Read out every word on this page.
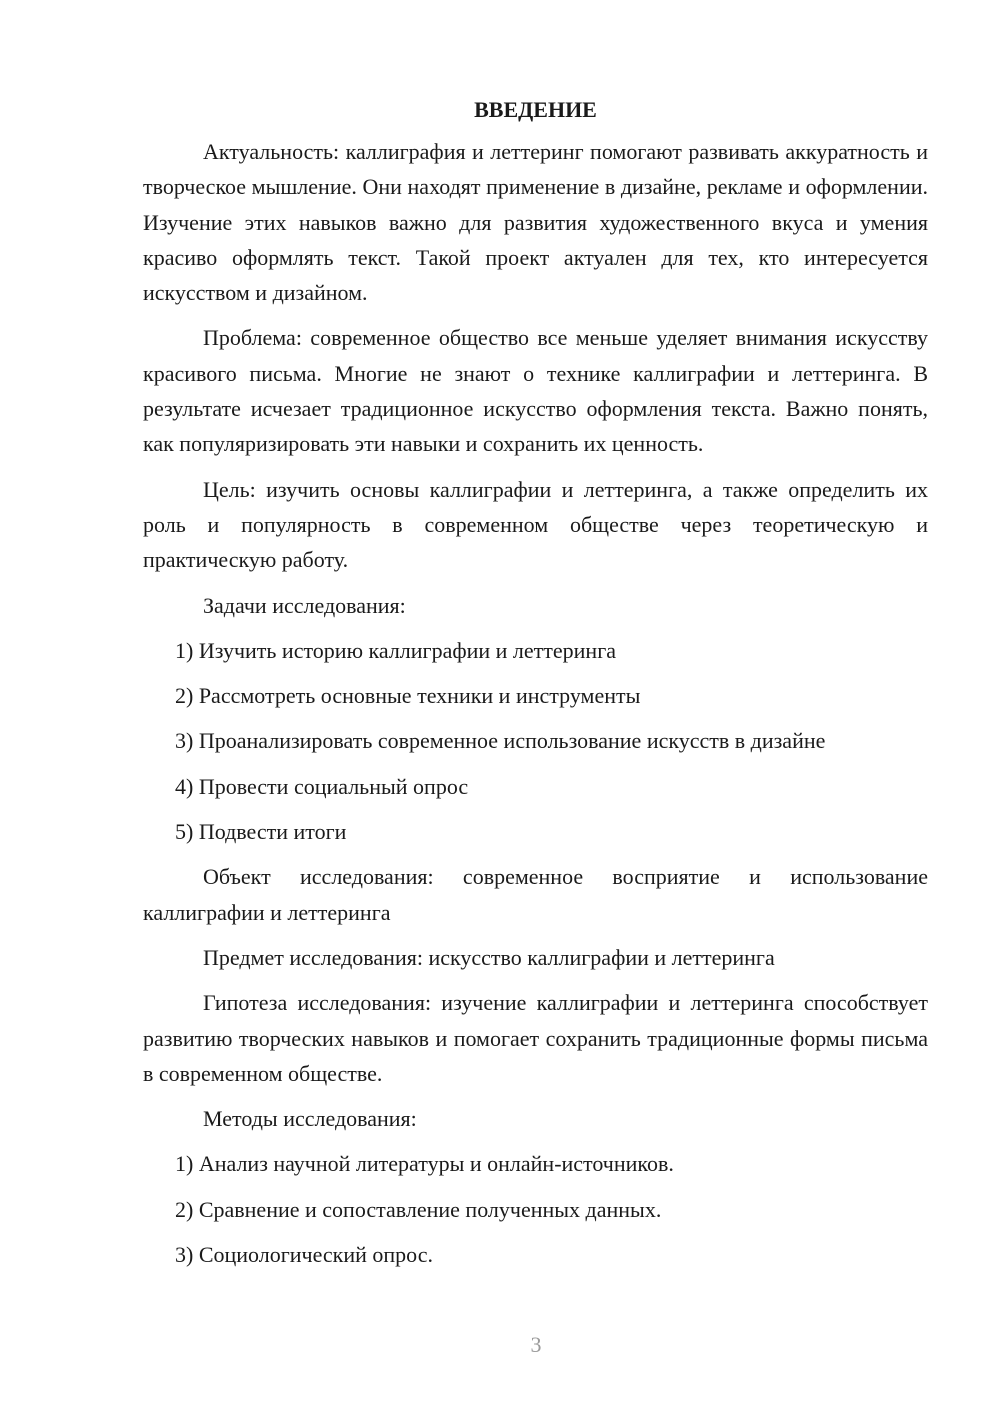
ВВЕДЕНИЕ

Актуальность: каллиграфия и леттеринг помогают развивать аккуратность и творческое мышление. Они находят применение в дизайне, рекламе и оформлении. Изучение этих навыков важно для развития художественного вкуса и умения красиво оформлять текст. Такой проект актуален для тех, кто интересуется искусством и дизайном.

Проблема: современное общество все меньше уделяет внимания искусству красивого письма. Многие не знают о технике каллиграфии и леттеринга. В результате исчезает традиционное искусство оформления текста. Важно понять, как популяризировать эти навыки и сохранить их ценность.

Цель: изучить основы каллиграфии и леттеринга, а также определить их роль и популярность в современном обществе через теоретическую и практическую работу.

Задачи исследования:

1) Изучить историю каллиграфии и леттеринга
2) Рассмотреть основные техники и инструменты
3) Проанализировать современное использование искусств в дизайне
4) Провести социальный опрос
5) Подвести итоги

Объект исследования: современное восприятие и использование каллиграфии и леттеринга

Предмет исследования: искусство каллиграфии и леттеринга

Гипотеза исследования: изучение каллиграфии и леттеринга способствует развитию творческих навыков и помогает сохранить традиционные формы письма в современном обществе.

Методы исследования:

1) Анализ научной литературы и онлайн-источников.
2) Сравнение и сопоставление полученных данных.
3) Социологический опрос.
3
